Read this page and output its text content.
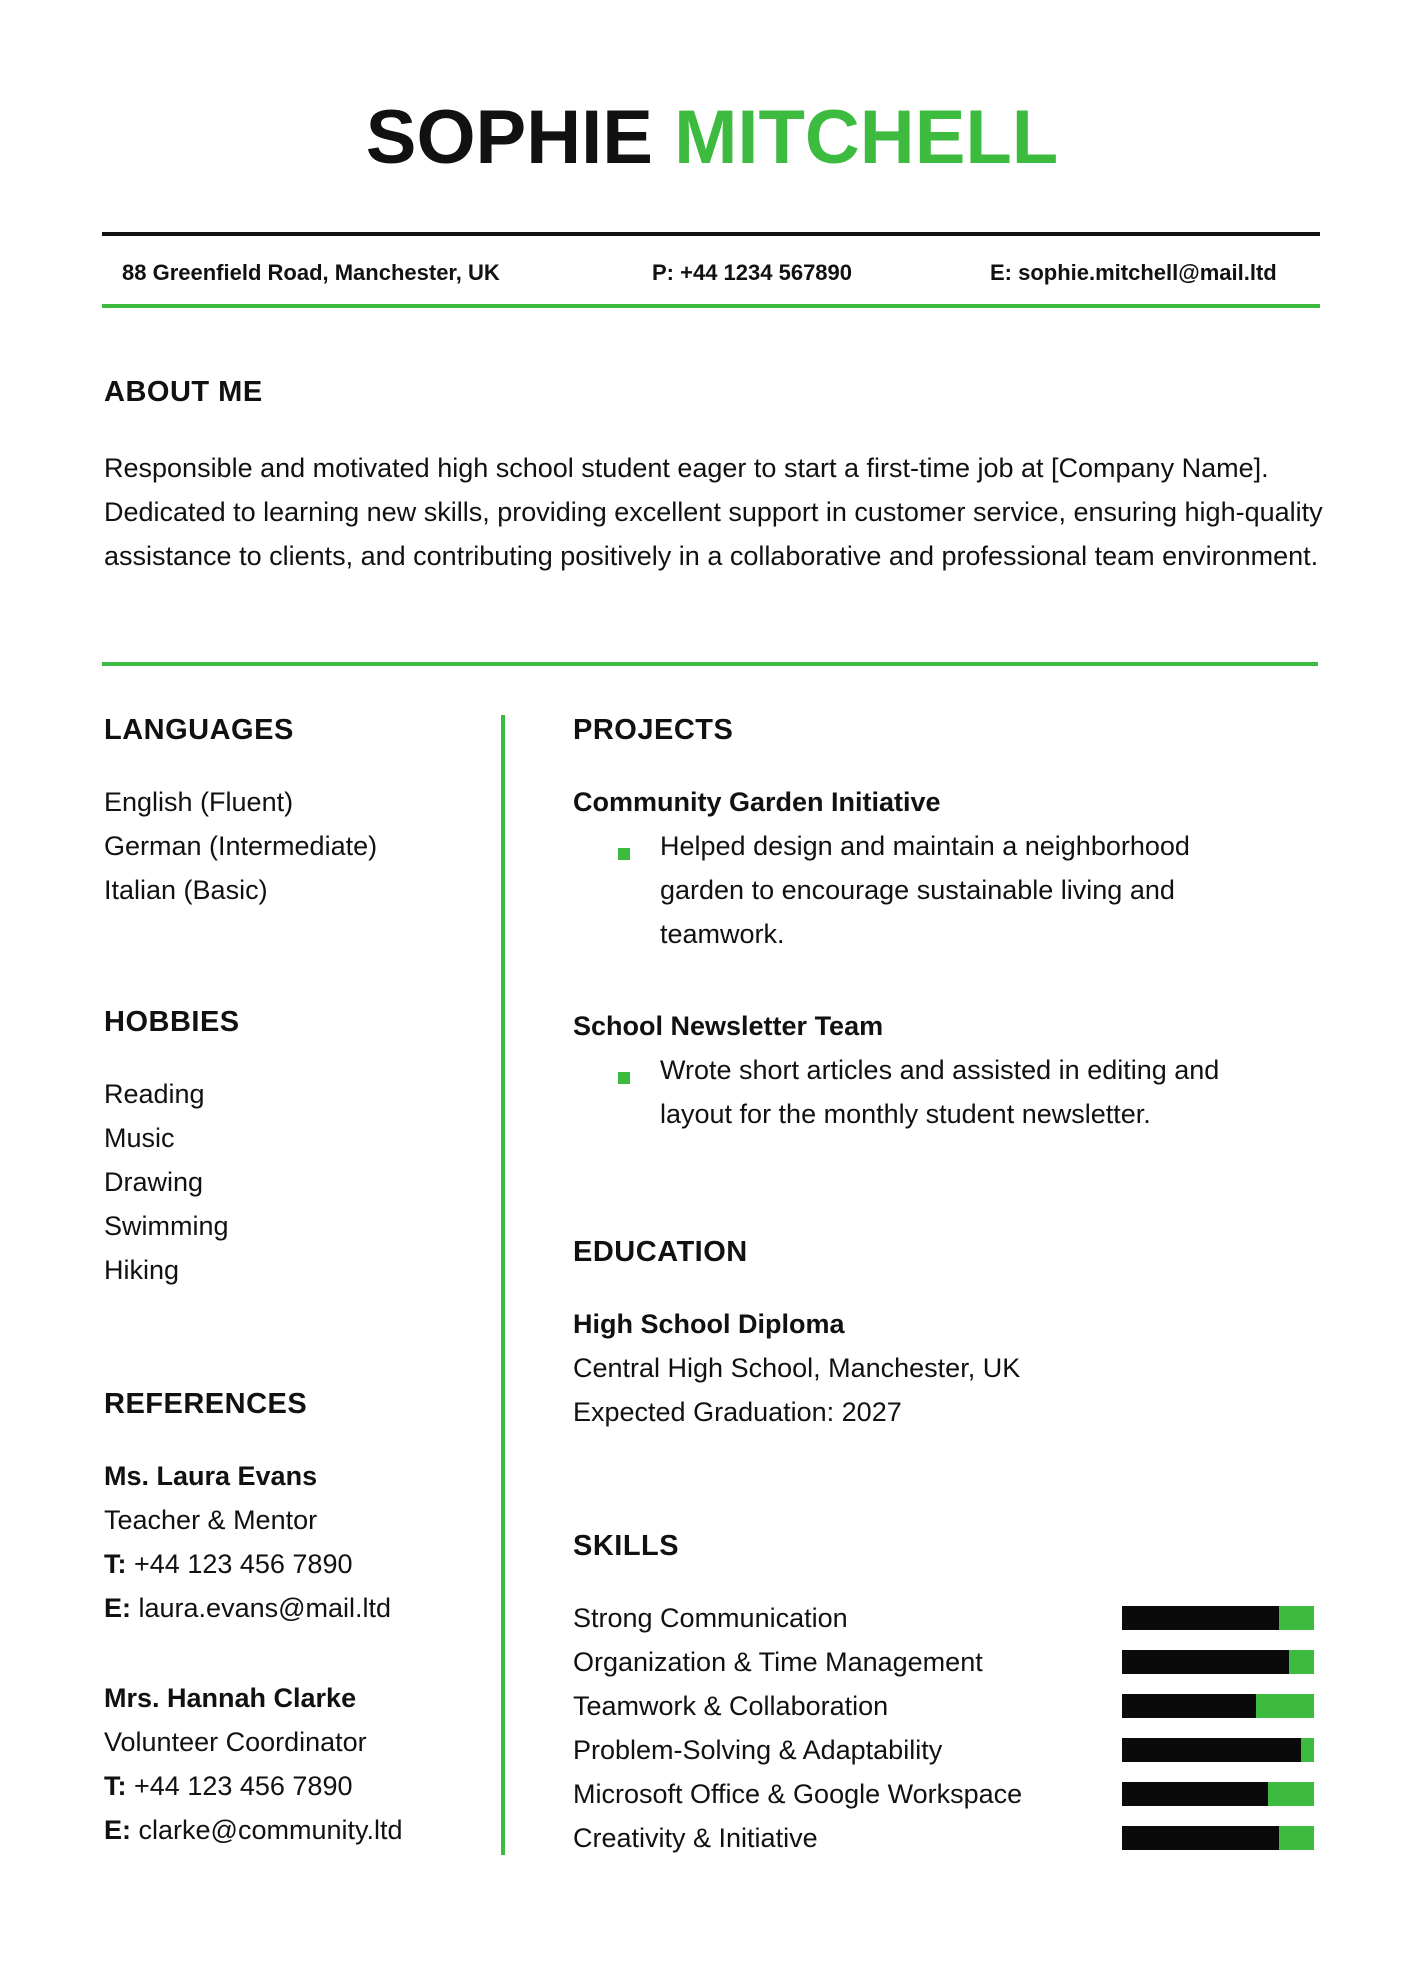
SOPHIE MITCHELL
88 Greenfield Road, Manchester, UK	P: +44 1234 567890	E: sophie.mitchell@mail.ltd
ABOUT ME
Responsible and motivated high school student eager to start a first-time job at [Company Name]. Dedicated to learning new skills, providing excellent support in customer service, ensuring high-quality assistance to clients, and contributing positively in a collaborative and professional team environment.
LANGUAGES
English (Fluent)
German (Intermediate)
Italian (Basic)
HOBBIES
Reading
Music
Drawing
Swimming
Hiking
REFERENCES
Ms. Laura Evans
Teacher & Mentor
T: +44 123 456 7890
E: laura.evans@mail.ltd
Mrs. Hannah Clarke
Volunteer Coordinator
T: +44 123 456 7890
E: clarke@community.ltd
PROJECTS
Community Garden Initiative
Helped design and maintain a neighborhood
garden to encourage sustainable living and
teamwork.
School Newsletter Team
Wrote short articles and assisted in editing and
layout for the monthly student newsletter.
EDUCATION
High School Diploma
Central High School, Manchester, UK
Expected Graduation: 2027
SKILLS
Strong Communication
Organization & Time Management
Teamwork & Collaboration
Problem-Solving & Adaptability
Microsoft Office & Google Workspace
Creativity & Initiative
